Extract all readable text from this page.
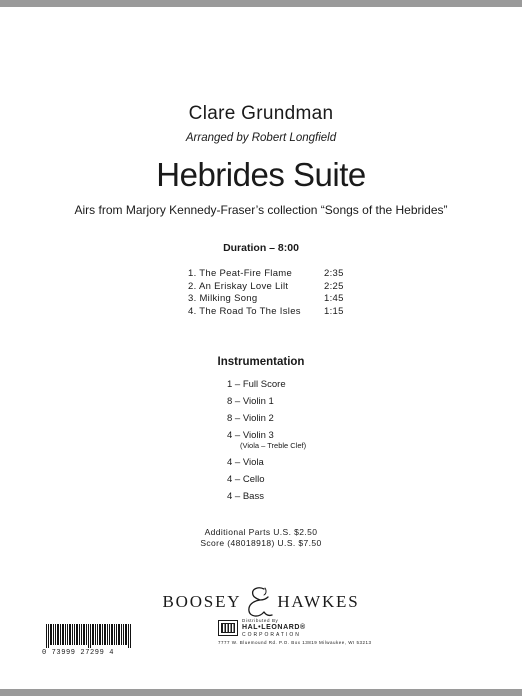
Clare Grundman
Arranged by Robert Longfield
Hebrides Suite
Airs from Marjory Kennedy-Fraser’s collection “Songs of the Hebrides”
Duration – 8:00
1. The Peat-Fire Flame	2:35
2. An Eriskay Love Lilt	2:25
3. Milking Song	1:45
4. The Road To The Isles 1:15
Instrumentation
1 – Full Score
8 – Violin 1
8 – Violin 2
4 – Violin 3
(Viola – Treble Clef)
4 – Viola
4 – Cello
4 – Bass
Additional Parts U.S. $2.50
Score (48018918) U.S. $7.50
BOOSEY HAWKES
0 73999 27299 4
Distributed By
HAL•LEONARD®
CORPORATION
7777 W. Bluemound Rd. P.O. Box 13819 Milwaukee, WI 53213
